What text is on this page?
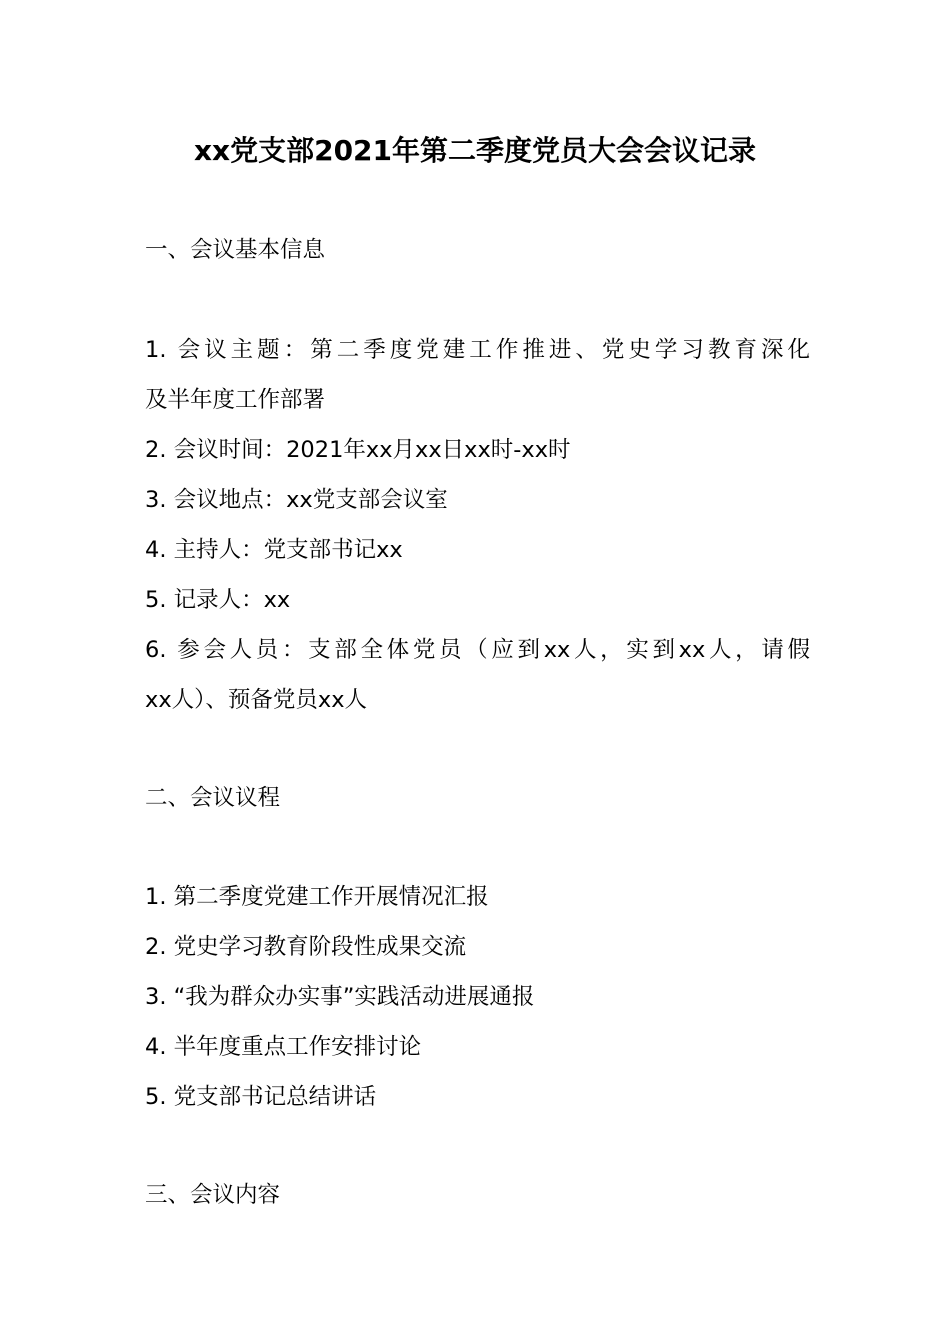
xx党支部2021年第二季度党员大会会议记录
一、会议基本信息
1. 会议主题：第二季度党建工作推进、党史学习教育深化
及半年度工作部署
2. 会议时间：2021年xx月xx日xx时-xx时
3. 会议地点：xx党支部会议室
4. 主持人：党支部书记xx
5. 记录人：xx
6. 参会人员：支部全体党员（应到xx人，实到xx人，请假
xx人）、预备党员xx人
二、会议议程
1. 第二季度党建工作开展情况汇报
2. 党史学习教育阶段性成果交流
3. “我为群众办实事”实践活动进展通报
4. 半年度重点工作安排讨论
5. 党支部书记总结讲话
三、会议内容
